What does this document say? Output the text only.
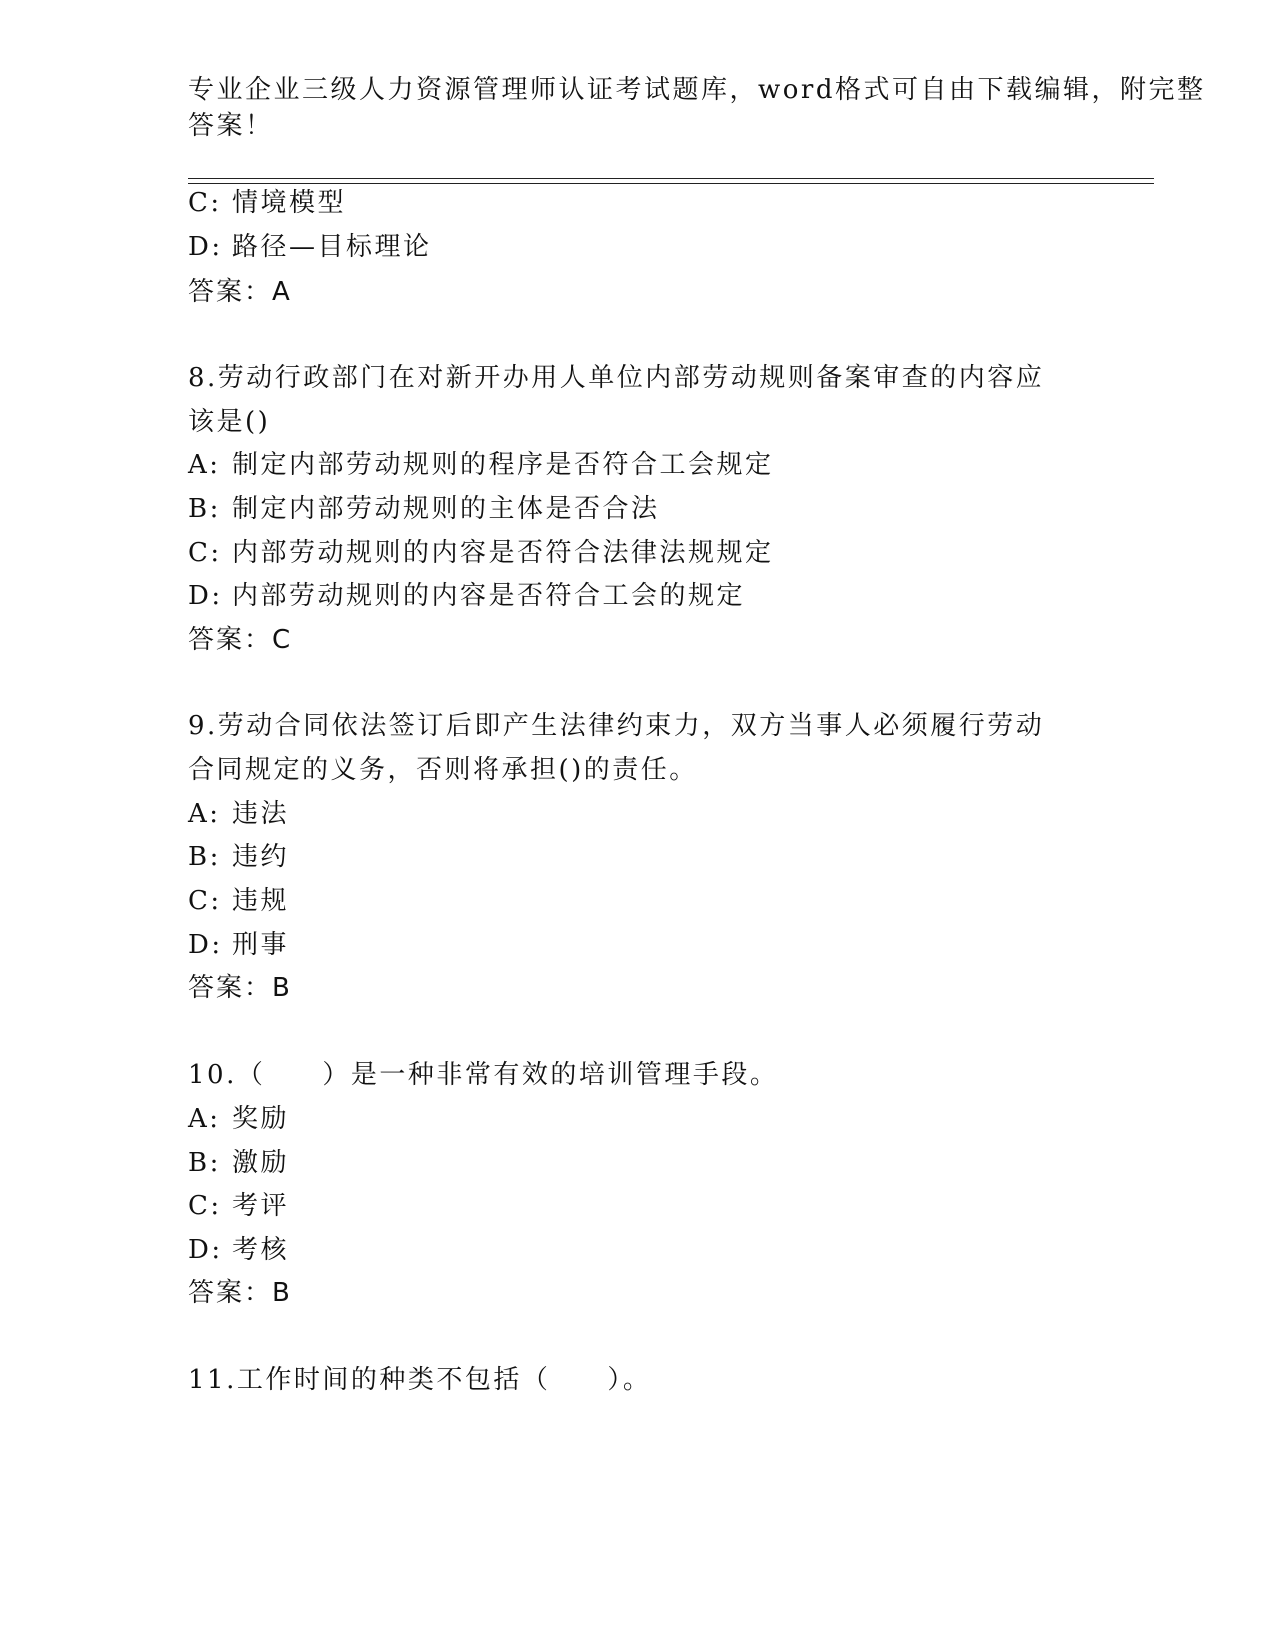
专业企业三级人力资源管理师认证考试题库，word格式可自由下载编辑，附完整
答案！
C: 情境模型
D: 路径—目标理论
答案：A
8.劳动行政部门在对新开办用人单位内部劳动规则备案审查的内容应
该是()
A: 制定内部劳动规则的程序是否符合工会规定
B: 制定内部劳动规则的主体是否合法
C: 内部劳动规则的内容是否符合法律法规规定
D: 内部劳动规则的内容是否符合工会的规定
答案：C
9.劳动合同依法签订后即产生法律约束力，双方当事人必须履行劳动
合同规定的义务，否则将承担()的责任。
A: 违法
B: 违约
C: 违规
D: 刑事
答案：B
10.（　　）是一种非常有效的培训管理手段。
A: 奖励
B: 激励
C: 考评
D: 考核
答案：B
11.工作时间的种类不包括（　　）。
